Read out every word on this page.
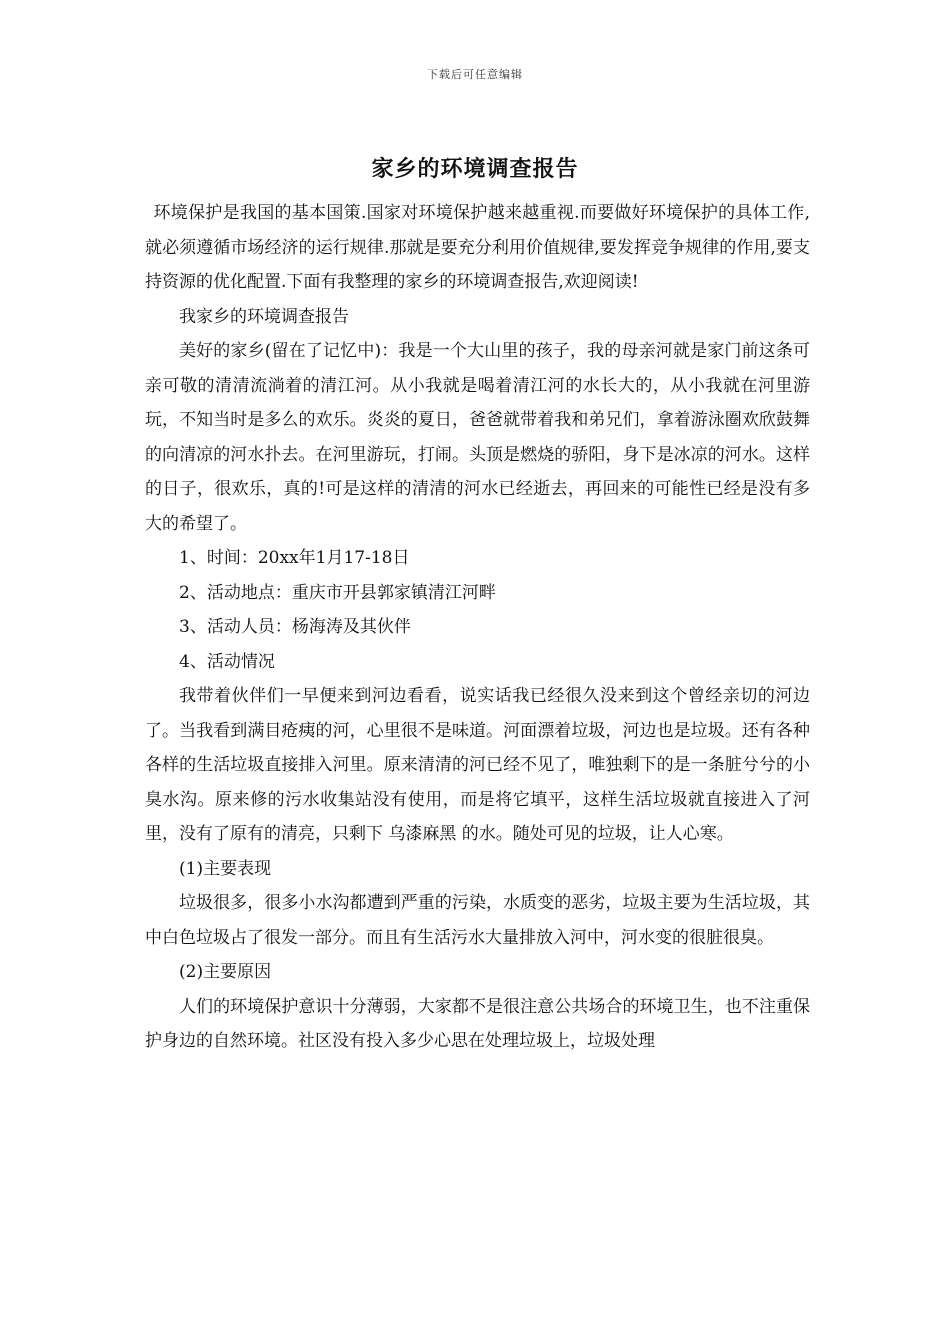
下载后可任意编辑
家乡的环境调查报告

环境保护是我国的基本国策.国家对环境保护越来越重视.而要做好环境保护的具体工作,就必须遵循市场经济的运行规律.那就是要充分利用价值规律,要发挥竞争规律的作用,要支持资源的优化配置.下面有我整理的家乡的环境调查报告,欢迎阅读!

我家乡的环境调查报告

美好的家乡(留在了记忆中)：我是一个大山里的孩子，我的母亲河就是家门前这条可亲可敬的清清流淌着的清江河。从小我就是喝着清江河的水长大的，从小我就在河里游玩，不知当时是多么的欢乐。炎炎的夏日，爸爸就带着我和弟兄们，拿着游泳圈欢欣鼓舞的向清凉的河水扑去。在河里游玩，打闹。头顶是燃烧的骄阳，身下是冰凉的河水。这样的日子，很欢乐，真的!可是这样的清清的河水已经逝去，再回来的可能性已经是没有多大的希望了。

1、时间：20xx年1月17-18日

2、活动地点：重庆市开县郭家镇清江河畔

3、活动人员：杨海涛及其伙伴

4、活动情况

我带着伙伴们一早便来到河边看看，说实话我已经很久没来到这个曾经亲切的河边了。当我看到满目疮痍的河，心里很不是味道。河面漂着垃圾，河边也是垃圾。还有各种各样的生活垃圾直接排入河里。原来清清的河已经不见了，唯独剩下的是一条脏兮兮的小臭水沟。原来修的污水收集站没有使用，而是将它填平，这样生活垃圾就直接进入了河里，没有了原有的清亮，只剩下 乌漆麻黑 的水。随处可见的垃圾，让人心寒。

(1)主要表现

垃圾很多，很多小水沟都遭到严重的污染，水质变的恶劣，垃圾主要为生活垃圾，其中白色垃圾占了很发一部分。而且有生活污水大量排放入河中，河水变的很脏很臭。

(2)主要原因

人们的环境保护意识十分薄弱，大家都不是很注意公共场合的环境卫生，也不注重保护身边的自然环境。社区没有投入多少心思在处理垃圾上，垃圾处理
